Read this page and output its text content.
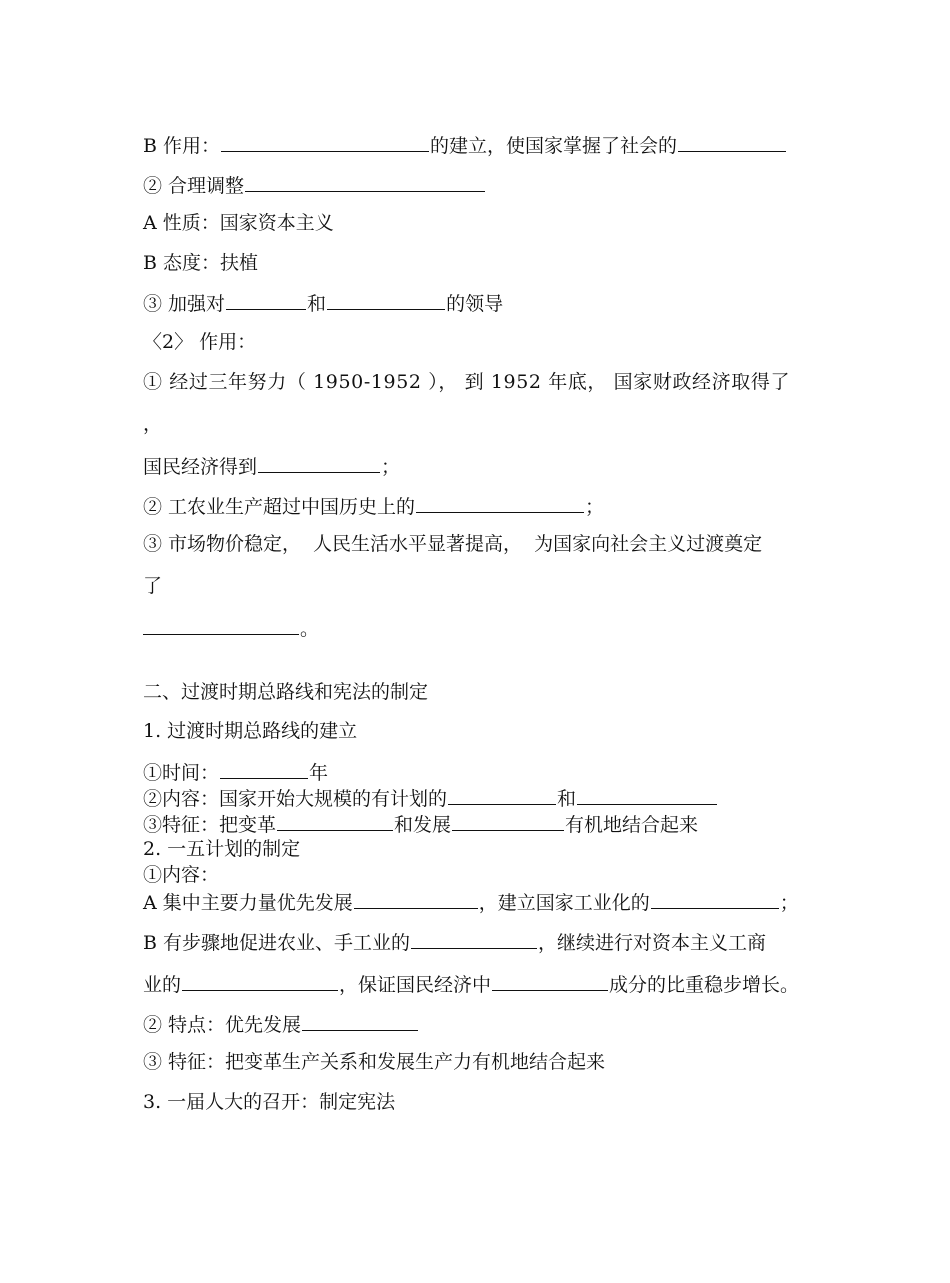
B 作用：	的建立，使国家掌握了社会的
② 合理调整
A 性质：国家资本主义
B 态度：扶植
③ 加强对	和	的领导
〈2〉 作用：
① 经过三年努力（ 1950-1952 ）， 到 1952 年底， 国家财政经济取得了
，
国民经济得到	；
② 工农业生产超过中国历史上的	；
③ 市场物价稳定， 人民生活水平显著提高， 为国家向社会主义过渡奠定
了
。
二、过渡时期总路线和宪法的制定
1. 过渡时期总路线的建立
①时间：	年
②内容：国家开始大规模的有计划的	和
③特征：把变革	和发展	有机地结合起来
2. 一五计划的制定
①内容：
A 集中主要力量优先发展	，建立国家工业化的	；
B 有步骤地促进农业、手工业的	，继续进行对资本主义工商
业的	，保证国民经济中	成分的比重稳步增长。
② 特点：优先发展
③ 特征：把变革生产关系和发展生产力有机地结合起来
3. 一届人大的召开：制定宪法
